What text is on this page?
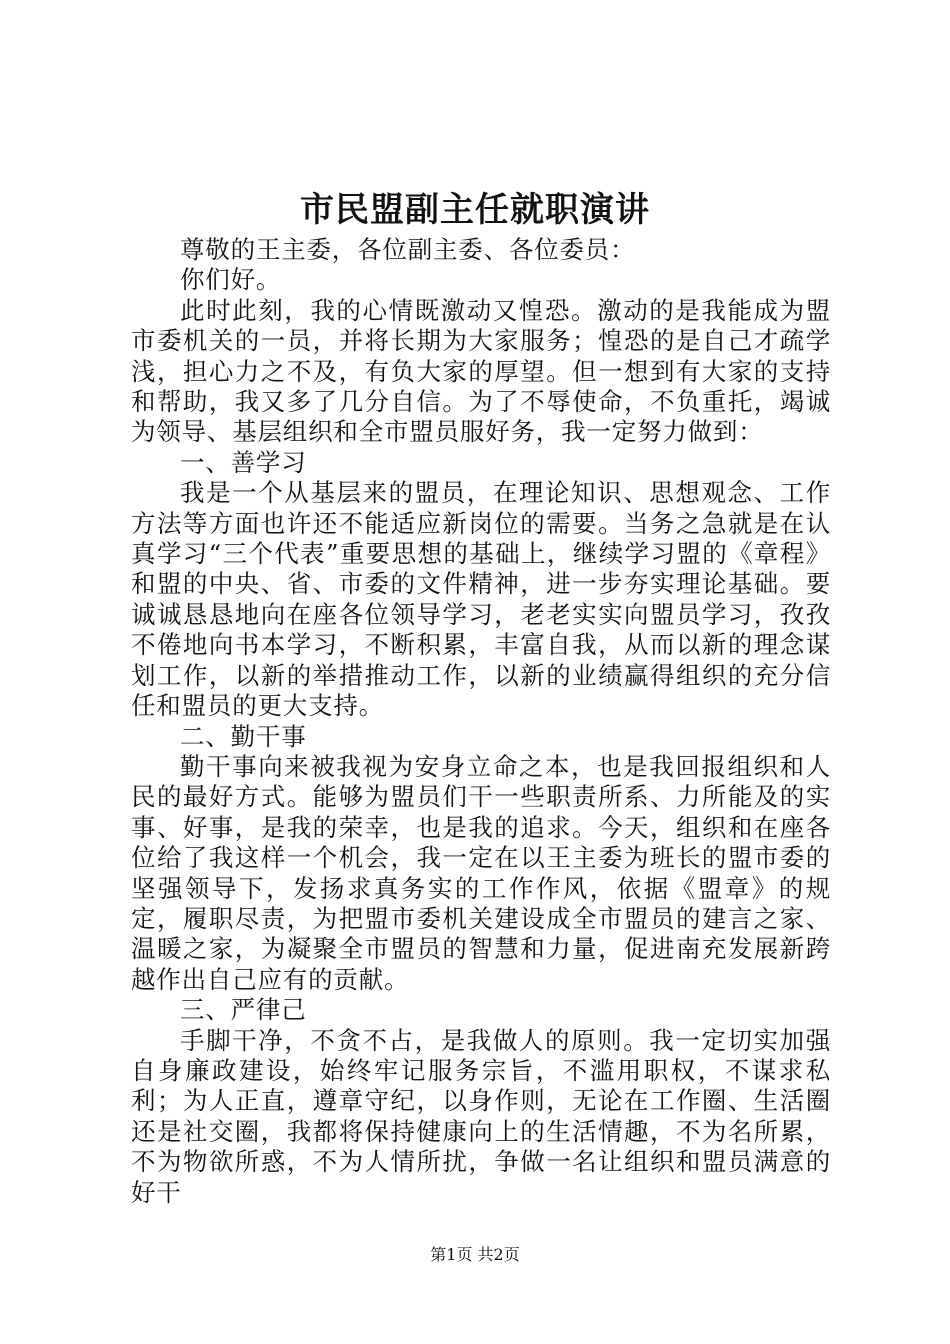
市民盟副主任就职演讲

尊敬的王主委，各位副主委、各位委员：

你们好。

此时此刻，我的心情既激动又惶恐。激动的是我能成为盟市委机关的一员，并将长期为大家服务；惶恐的是自己才疏学浅，担心力之不及，有负大家的厚望。但一想到有大家的支持和帮助，我又多了几分自信。为了不辱使命，不负重托，竭诚为领导、基层组织和全市盟员服好务，我一定努力做到：

一、善学习

我是一个从基层来的盟员，在理论知识、思想观念、工作方法等方面也许还不能适应新岗位的需要。当务之急就是在认真学习“三个代表”重要思想的基础上，继续学习盟的《章程》和盟的中央、省、市委的文件精神，进一步夯实理论基础。要诚诚恳恳地向在座各位领导学习，老老实实向盟员学习，孜孜不倦地向书本学习，不断积累，丰富自我，从而以新的理念谋划工作，以新的举措推动工作，以新的业绩赢得组织的充分信任和盟员的更大支持。

二、勤干事

勤干事向来被我视为安身立命之本，也是我回报组织和人民的最好方式。能够为盟员们干一些职责所系、力所能及的实事、好事，是我的荣幸，也是我的追求。今天，组织和在座各位给了我这样一个机会，我一定在以王主委为班长的盟市委的坚强领导下，发扬求真务实的工作作风，依据《盟章》的规定，履职尽责，为把盟市委机关建设成全市盟员的建言之家、温暖之家，为凝聚全市盟员的智慧和力量，促进南充发展新跨越作出自己应有的贡献。

三、严律己

手脚干净，不贪不占，是我做人的原则。我一定切实加强自身廉政建设，始终牢记服务宗旨，不滥用职权，不谋求私利；为人正直，遵章守纪，以身作则，无论在工作圈、生活圈还是社交圈，我都将保持健康向上的生活情趣，不为名所累，不为物欲所惑，不为人情所扰，争做一名让组织和盟员满意的好干

第1页 共2页
